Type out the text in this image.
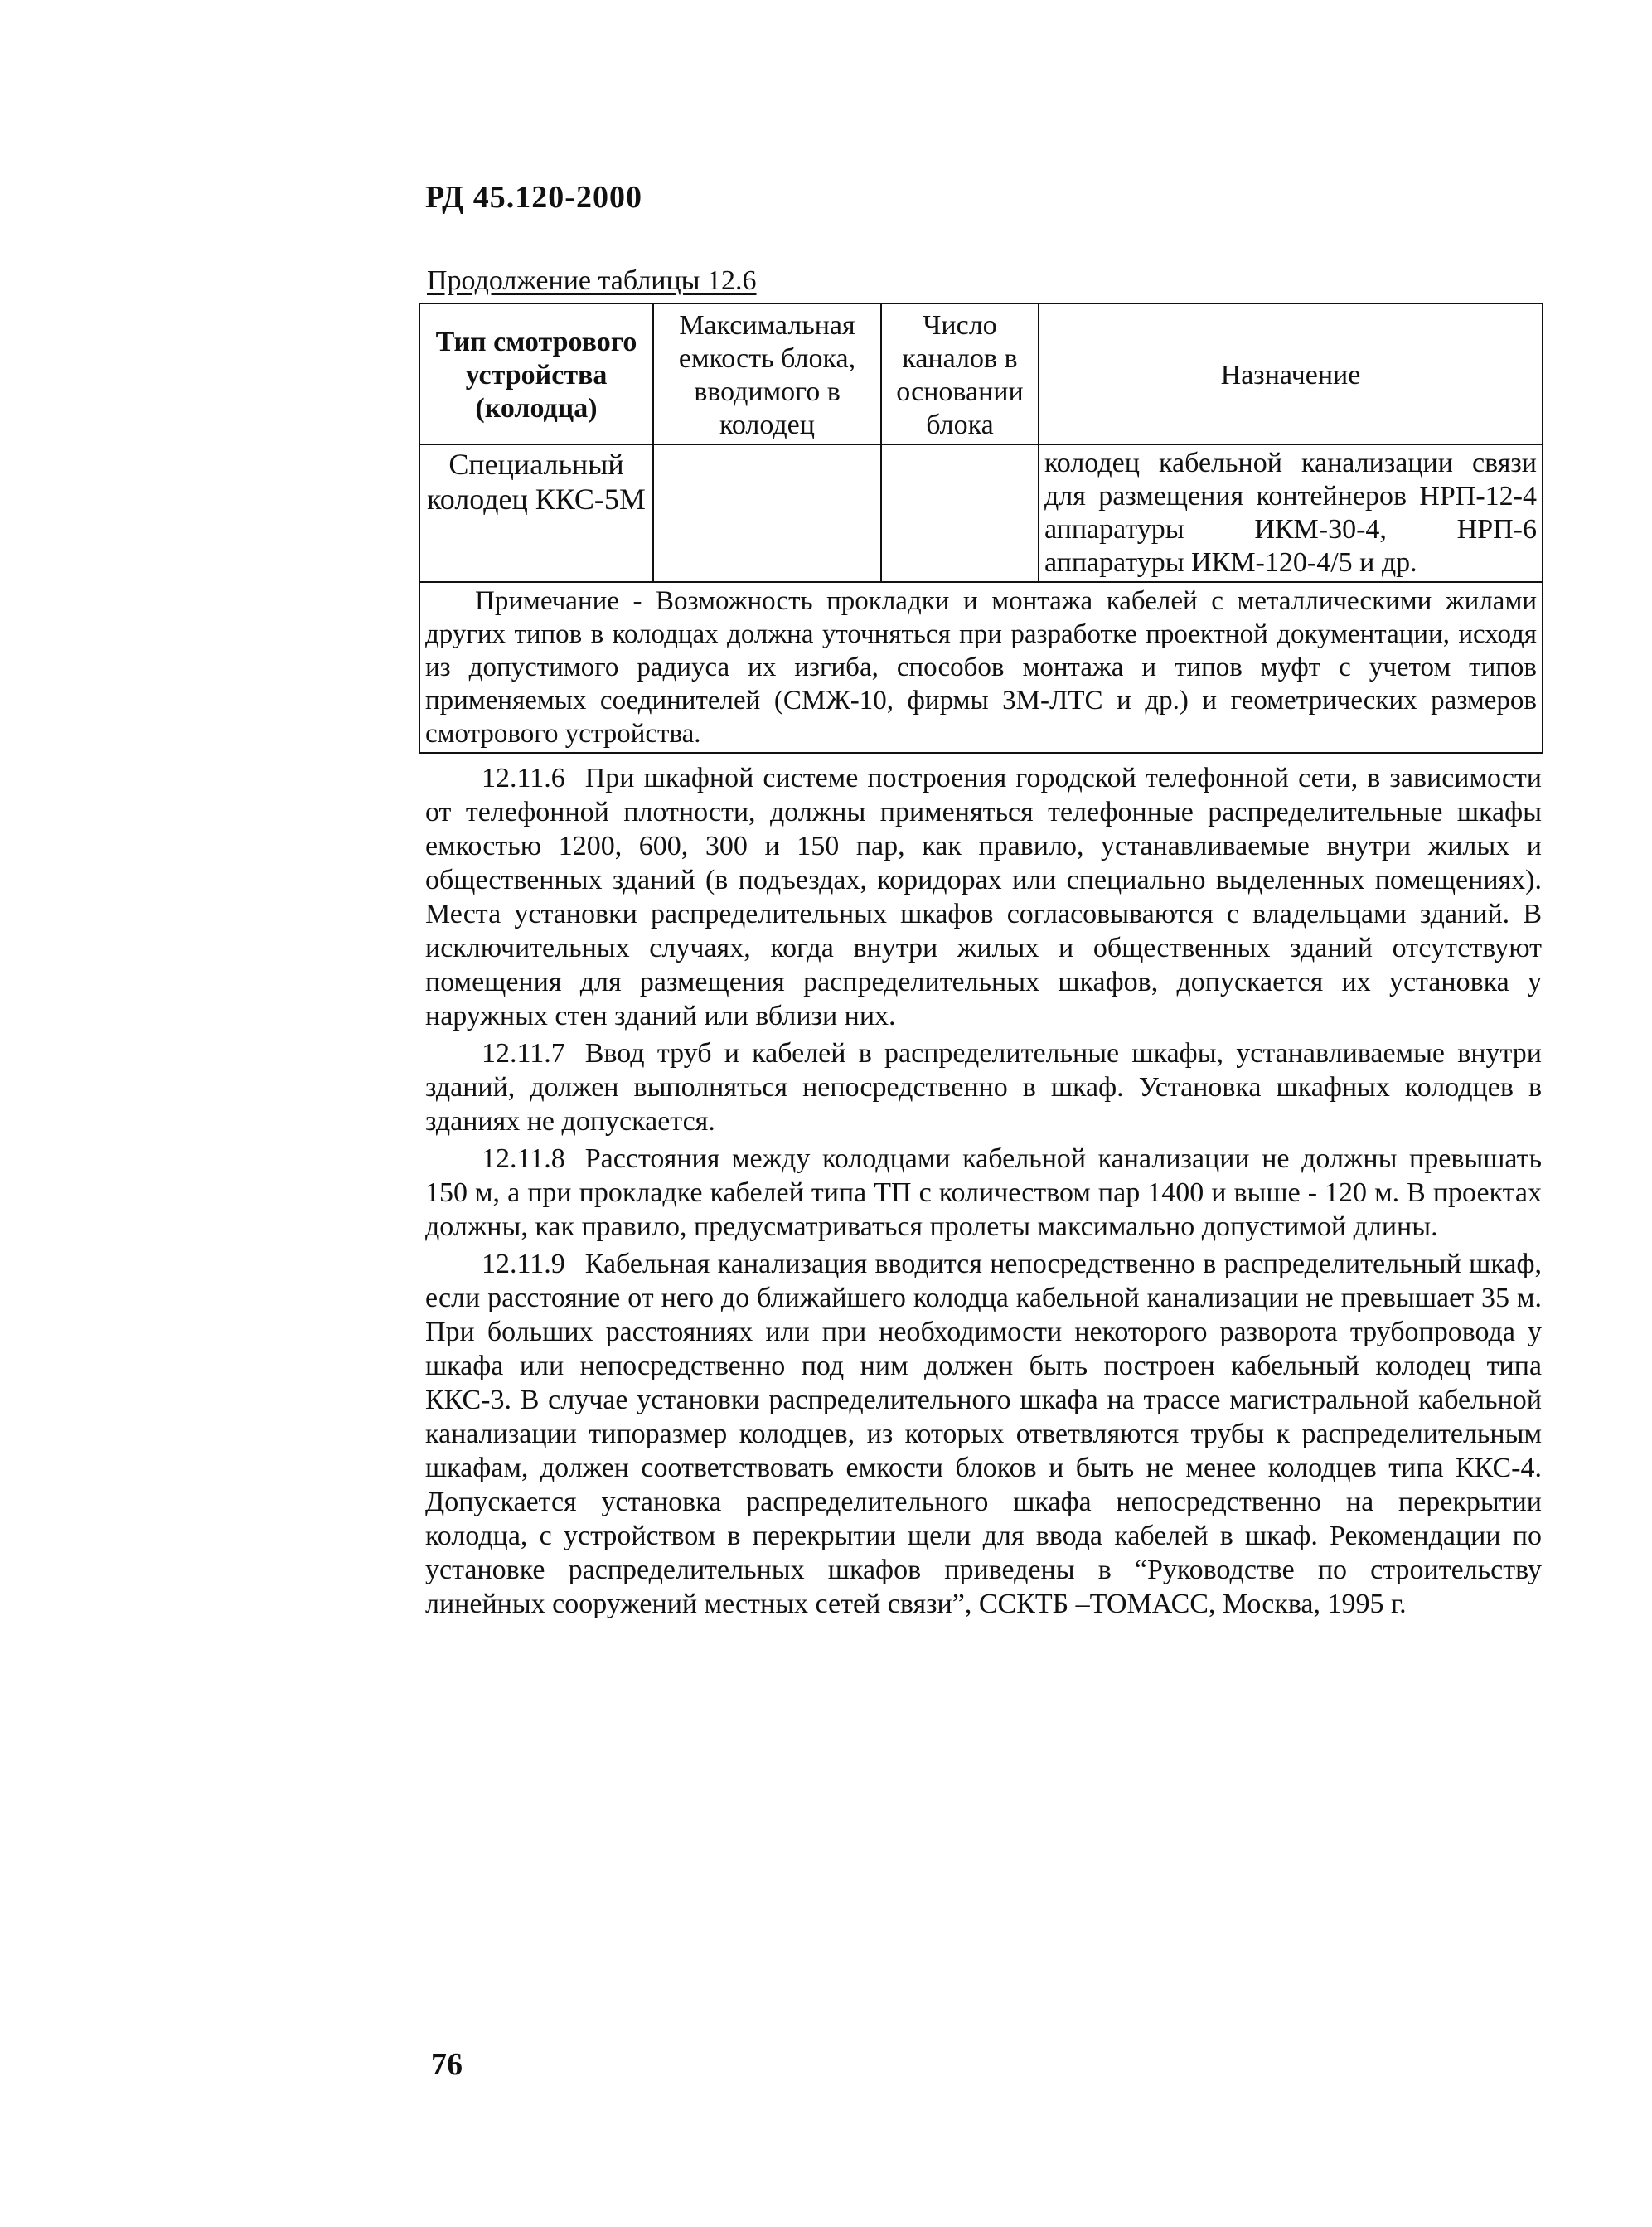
РД 45.120-2000
Продолжение таблицы 12.6
Тип смотрового устройства (колодца)	Максимальная емкость блока, вводимого в колодец	Число каналов в основании блока	Назначение
Специальный колодец ККС-5М			колодец кабельной канализации связи для размещения контейнеров НРП-12-4 аппаратуры ИКМ-30-4, НРП-6 аппаратуры ИКМ-120-4/5 и др.
Примечание - Возможность прокладки и монтажа кабелей с металлическими жилами других типов в колодцах должна уточняться при разработке проектной документации, исходя из допустимого радиуса их изгиба, способов монтажа и типов муфт с учетом типов применяемых соединителей (СМЖ-10, фирмы 3М-ЛТС и др.) и геометрических размеров смотрового устройства.			

12.11.6 При шкафной системе построения городской телефонной сети, в зависимости от телефонной плотности, должны применяться телефонные распределительные шкафы емкостью 1200, 600, 300 и 150 пар, как правило, устанавливаемые внутри жилых и общественных зданий (в подъездах, коридорах или специально выделенных помещениях). Места установки распределительных шкафов согласовываются с владельцами зданий. В исключительных случаях, когда внутри жилых и общественных зданий отсутствуют помещения для размещения распределительных шкафов, допускается их установка у наружных стен зданий или вблизи них.

12.11.7 Ввод труб и кабелей в распределительные шкафы, устанавливаемые внутри зданий, должен выполняться непосредственно в шкаф. Установка шкафных колодцев в зданиях не допускается.

12.11.8 Расстояния между колодцами кабельной канализации не должны превышать 150 м, а при прокладке кабелей типа ТП с количеством пар 1400 и выше - 120 м. В проектах должны, как правило, предусматриваться пролеты максимально допустимой длины.

12.11.9 Кабельная канализация вводится непосредственно в распределительный шкаф, если расстояние от него до ближайшего колодца кабельной канализации не превышает 35 м. При больших расстояниях или при необходимости некоторого разворота трубопровода у шкафа или непосредственно под ним должен быть построен кабельный колодец типа ККС-3. В случае установки распределительного шкафа на трассе магистральной кабельной канализации типоразмер колодцев, из которых ответвляются трубы к распределительным шкафам, должен соответствовать емкости блоков и быть не менее колодцев типа ККС-4. Допускается установка распределительного шкафа непосредственно на перекрытии колодца, с устройством в перекрытии щели для ввода кабелей в шкаф. Рекомендации по установке распределительных шкафов приведены в “Руководстве по строительству линейных сооружений местных сетей связи”, ССКТБ –ТОМАСС, Москва, 1995 г.

76
